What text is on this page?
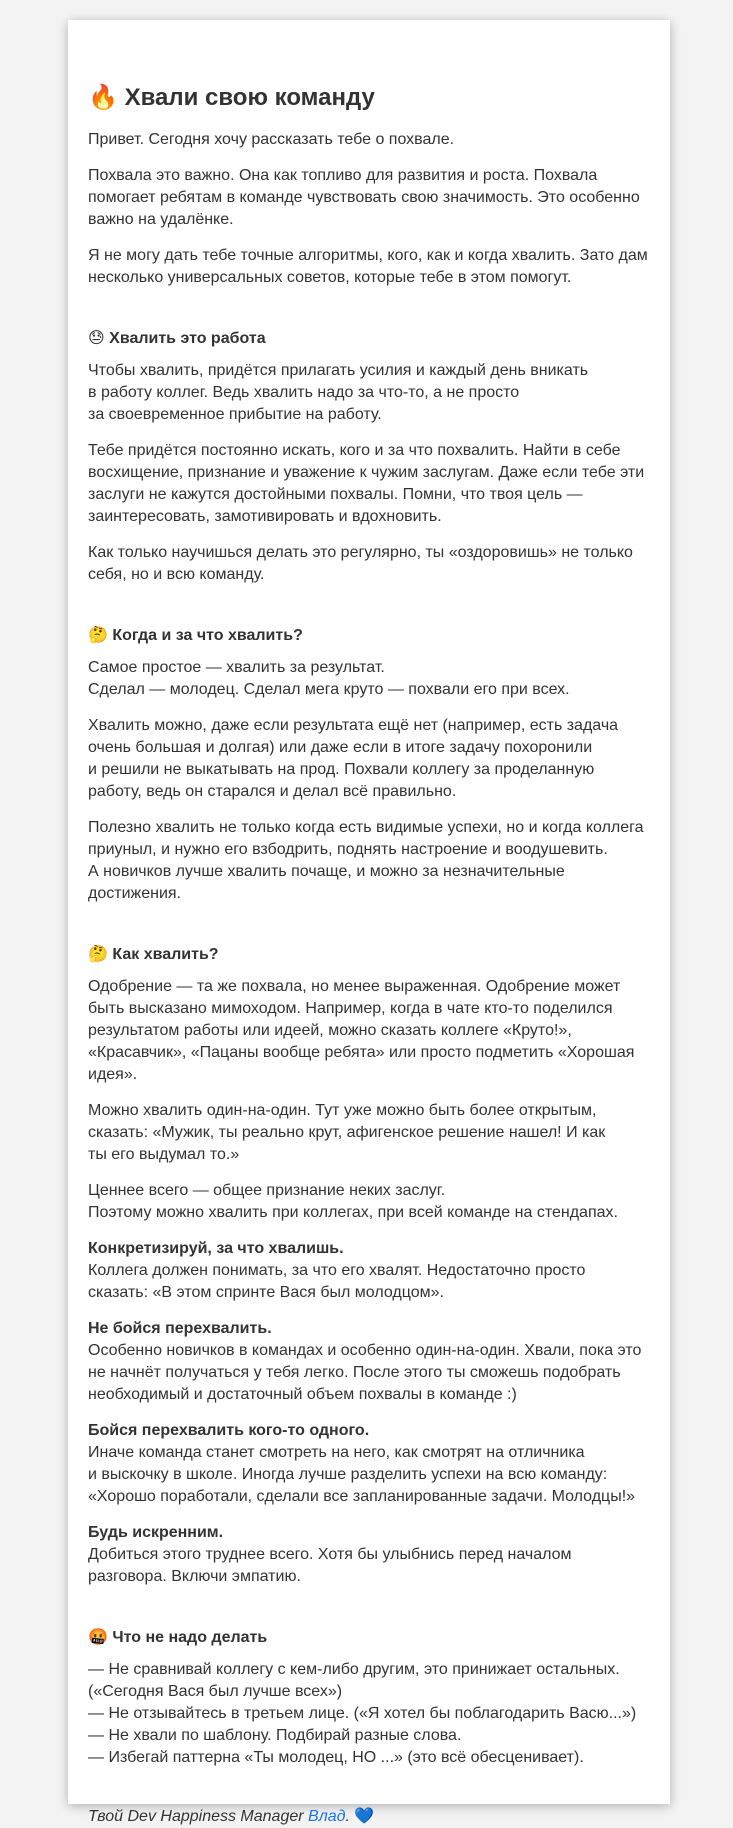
🔥 Хвали свою команду

Привет. Сегодня хочу рассказать тебе о похвале.

Похвала это важно. Она как топливо для развития и роста. Похвала
помогает ребятам в команде чувствовать свою значимость. Это особенно
важно на удалёнке.

Я не могу дать тебе точные алгоритмы, кого, как и когда хвалить. Зато дам
несколько универсальных советов, которые тебе в этом помогут.

😓 Хвалить это работа

Чтобы хвалить, придётся прилагать усилия и каждый день вникать
в работу коллег. Ведь хвалить надо за что-то, а не просто
за своевременное прибытие на работу.

Тебе придётся постоянно искать, кого и за что похвалить. Найти в себе
восхищение, признание и уважение к чужим заслугам. Даже если тебе эти
заслуги не кажутся достойными похвалы. Помни, что твоя цель —
заинтересовать, замотивировать и вдохновить.

Как только научишься делать это регулярно, ты «оздоровишь» не только
себя, но и всю команду.

🤔 Когда и за что хвалить?

Самое простое — хвалить за результат.
Сделал — молодец. Сделал мега круто — похвали его при всех.

Хвалить можно, даже если результата ещё нет (например, есть задача
очень большая и долгая) или даже если в итоге задачу похоронили
и решили не выкатывать на прод. Похвали коллегу за проделанную
работу, ведь он старался и делал всё правильно.

Полезно хвалить не только когда есть видимые успехи, но и когда коллега
приуныл, и нужно его взбодрить, поднять настроение и воодушевить.
А новичков лучше хвалить почаще, и можно за незначительные
достижения.

🤔 Как хвалить?

Одобрение — та же похвала, но менее выраженная. Одобрение может
быть высказано мимоходом. Например, когда в чате кто-то поделился
результатом работы или идеей, можно сказать коллеге «Круто!»,
«Красавчик», «Пацаны вообще ребята» или просто подметить «Хорошая
идея».

Можно хвалить один-на-один. Тут уже можно быть более открытым,
сказать: «Мужик, ты реально крут, афигенское решение нашел! И как
ты его выдумал то.»

Ценнее всего — общее признание неких заслуг.
Поэтому можно хвалить при коллегах, при всей команде на стендапах.

Конкретизируй, за что хвалишь.
Коллега должен понимать, за что его хвалят. Недостаточно просто
сказать: «В этом спринте Вася был молодцом».

Не бойся перехвалить.
Особенно новичков в командах и особенно один-на-один. Хвали, пока это
не начнёт получаться у тебя легко. После этого ты сможешь подобрать
необходимый и достаточный объем похвалы в команде :)

Бойся перехвалить кого-то одного.
Иначе команда станет смотреть на него, как смотрят на отличника
и выскочку в школе. Иногда лучше разделить успехи на всю команду:
«Хорошо поработали, сделали все запланированные задачи. Молодцы!»

Будь искренним.
Добиться этого труднее всего. Хотя бы улыбнись перед началом
разговора. Включи эмпатию.

🤬 Что не надо делать

— Не сравнивай коллегу с кем-либо другим, это принижает остальных.
(«Сегодня Вася был лучше всех»)
— Не отзывайтесь в третьем лице. («Я хотел бы поблагодарить Васю...»)
— Не хвали по шаблону. Подбирай разные слова.
— Избегай паттерна «Ты молодец, НО ...» (это всё обесценивает).

Твой Dev Happiness Manager Влад. 💙
